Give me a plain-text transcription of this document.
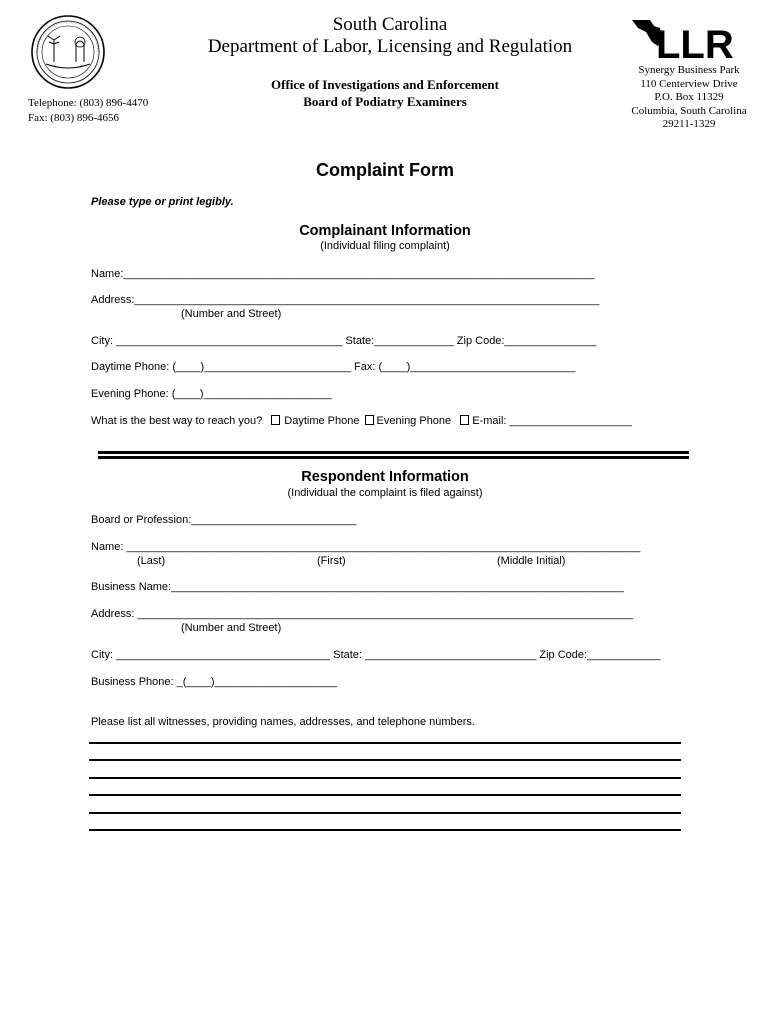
South Carolina
Department of Labor, Licensing and Regulation
Office of Investigations and Enforcement
Board of Podiatry Examiners
Telephone: (803) 896-4470
Fax: (803) 896-4656
LLR
Synergy Business Park
110 Centerview Drive
P.O. Box 11329
Columbia, South Carolina
29211-1329
Complaint Form
Please type or print legibly.
Complainant Information
(Individual filing complaint)
Name:_____________________________________________________________________________
Address:____________________________________________________________________________
(Number and Street)
City: _____________________________________ State:_____________ Zip Code:_______________
Daytime Phone: (____)________________________ Fax: (____)___________________________
Evening Phone: (____)_____________________
What is the best way to reach you? Daytime Phone Evening Phone E-mail: ____________________
Respondent Information
(Individual the complaint is filed against)
Board or Profession:___________________________
Name: ____________________________________________________________________________________
(Last)	(First)	(Middle Initial)
Business Name:__________________________________________________________________________
Address: _________________________________________________________________________________
(Number and Street)
City: ___________________________________ State: ____________________________ Zip Code:____________
Business Phone: _(____)____________________
Please list all witnesses, providing names, addresses, and telephone numbers.
